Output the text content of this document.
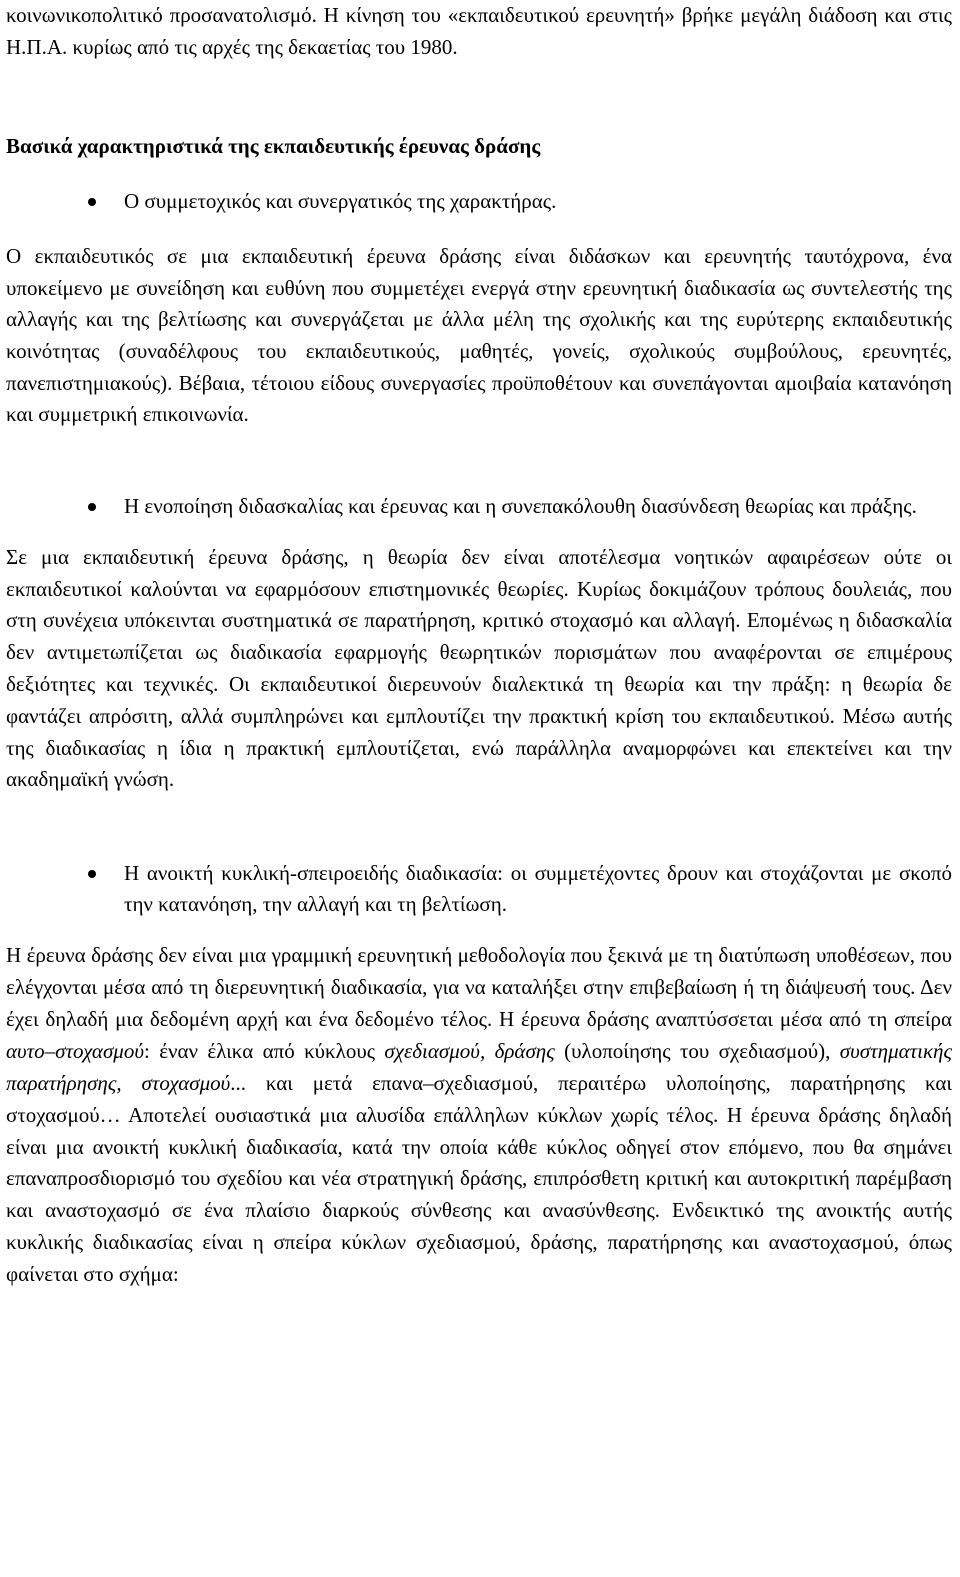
κοινωνικοπολιτικό προσανατολισμό. Η κίνηση του «εκπαιδευτικού ερευνητή» βρήκε μεγάλη διάδοση και στις Η.Π.Α. κυρίως από τις αρχές της δεκαετίας του 1980.

Βασικά χαρακτηριστικά της εκπαιδευτικής έρευνας δράσης
Ο συμμετοχικός και συνεργατικός της χαρακτήρας.

Ο εκπαιδευτικός σε μια εκπαιδευτική έρευνα δράσης είναι διδάσκων και ερευνητής ταυτόχρονα, ένα υποκείμενο με συνείδηση και ευθύνη που συμμετέχει ενεργά στην ερευνητική διαδικασία ως συντελεστής της αλλαγής και της βελτίωσης και συνεργάζεται με άλλα μέλη της σχολικής και της ευρύτερης εκπαιδευτικής κοινότητας (συναδέλφους του εκπαιδευτικούς, μαθητές, γονείς, σχολικούς συμβούλους, ερευνητές, πανεπιστημιακούς). Βέβαια, τέτοιου είδους συνεργασίες προϋποθέτουν και συνεπάγονται αμοιβαία κατανόηση και συμμετρική επικοινωνία.

Η ενοποίηση διδασκαλίας και έρευνας και η συνεπακόλουθη διασύνδεση θεωρίας και πράξης.

Σε μια εκπαιδευτική έρευνα δράσης, η θεωρία δεν είναι αποτέλεσμα νοητικών αφαιρέσεων ούτε οι εκπαιδευτικοί καλούνται να εφαρμόσουν επιστημονικές θεωρίες. Κυρίως δοκιμάζουν τρόπους δουλειάς, που στη συνέχεια υπόκεινται συστηματικά σε παρατήρηση, κριτικό στοχασμό και αλλαγή. Επομένως η διδασκαλία δεν αντιμετωπίζεται ως διαδικασία εφαρμογής θεωρητικών πορισμάτων που αναφέρονται σε επιμέρους δεξιότητες και τεχνικές. Οι εκπαιδευτικοί διερευνούν διαλεκτικά τη θεωρία και την πράξη: η θεωρία δε φαντάζει απρόσιτη, αλλά συμπληρώνει και εμπλουτίζει την πρακτική κρίση του εκπαιδευτικού. Μέσω αυτής της διαδικασίας η ίδια η πρακτική εμπλουτίζεται, ενώ παράλληλα αναμορφώνει και επεκτείνει και την ακαδημαϊκή γνώση.

Η ανοικτή κυκλική-σπειροειδής διαδικασία: οι συμμετέχοντες δρουν και στοχάζονται με σκοπό την κατανόηση, την αλλαγή και τη βελτίωση.

Η έρευνα δράσης δεν είναι μια γραμμική ερευνητική μεθοδολογία που ξεκινά με τη διατύπωση υποθέσεων, που ελέγχονται μέσα από τη διερευνητική διαδικασία, για να καταλήξει στην επιβεβαίωση ή τη διάψευσή τους. Δεν έχει δηλαδή μια δεδομένη αρχή και ένα δεδομένο τέλος. Η έρευνα δράσης αναπτύσσεται μέσα από τη σπείρα αυτο–στοχασμού: έναν έλικα από κύκλους σχεδιασμού, δράσης (υλοποίησης του σχεδιασμού), συστηματικής παρατήρησης, στοχασμού... και μετά επανα–σχεδιασμού, περαιτέρω υλοποίησης, παρατήρησης και στοχασμού… Αποτελεί ουσιαστικά μια αλυσίδα επάλληλων κύκλων χωρίς τέλος. Η έρευνα δράσης δηλαδή είναι μια ανοικτή κυκλική διαδικασία, κατά την οποία κάθε κύκλος οδηγεί στον επόμενο, που θα σημάνει επαναπροσδιορισμό του σχεδίου και νέα στρατηγική δράσης, επιπρόσθετη κριτική και αυτοκριτική παρέμβαση και αναστοχασμό σε ένα πλαίσιο διαρκούς σύνθεσης και ανασύνθεσης. Ενδεικτικό της ανοικτής αυτής κυκλικής διαδικασίας είναι η σπείρα κύκλων σχεδιασμού, δράσης, παρατήρησης και αναστοχασμού, όπως φαίνεται στο σχήμα:
